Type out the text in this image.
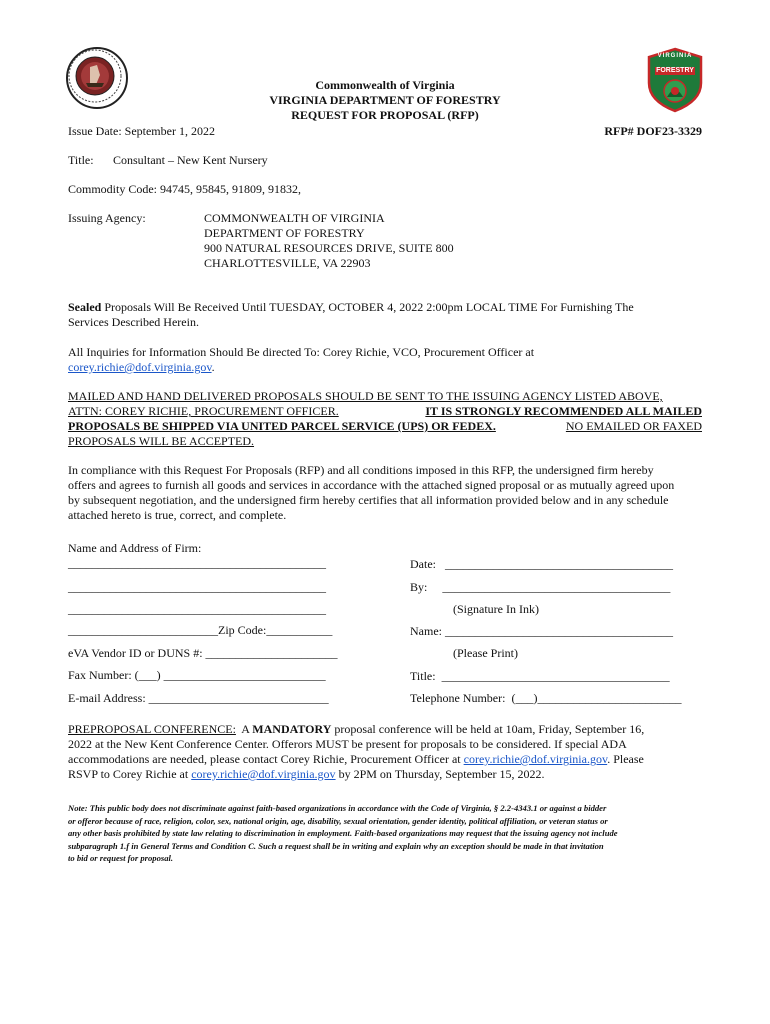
VIRGINIA
FORESTRY
Commonwealth of Virginia
VIRGINIA DEPARTMENT OF FORESTRY
REQUEST FOR PROPOSAL (RFP)
Issue Date: September 1, 2022	RFP# DOF23-3329
Title: Consultant – New Kent Nursery
Commodity Code: 94745, 95845, 91809, 91832,
Issuing Agency:	COMMONWEALTH OF VIRGINIA
DEPARTMENT OF FORESTRY
900 NATURAL RESOURCES DRIVE, SUITE 800
CHARLOTTESVILLE, VA 22903
Sealed Proposals Will Be Received Until TUESDAY, OCTOBER 4, 2022 2:00pm LOCAL TIME For Furnishing The
Services Described Herein.
All Inquiries for Information Should Be directed To: Corey Richie, VCO, Procurement Officer at
corey.richie@dof.virginia.gov.
MAILED AND HAND DELIVERED PROPOSALS SHOULD BE SENT TO THE ISSUING AGENCY LISTED ABOVE,
ATTN: COREY RICHIE, PROCUREMENT OFFICER.	IT IS STRONGLY RECOMMENDED ALL MAILED
PROPOSALS BE SHIPPED VIA UNITED PARCEL SERVICE (UPS) OR FEDEX.	NO EMAILED OR FAXED
PROPOSALS WILL BE ACCEPTED.
In compliance with this Request For Proposals (RFP) and all conditions imposed in this RFP, the undersigned firm hereby
offers and agrees to furnish all goods and services in accordance with the attached signed proposal or as mutually agreed upon
by subsequent negotiation, and the undersigned firm hereby certifies that all information provided below and in any schedule
attached hereto is true, correct, and complete.
Name and Address of Firm:
___________________________________________
___________________________________________
___________________________________________
_________________________Zip Code:___________
eVA Vendor ID or DUNS #: ______________________
Fax Number: (___) ___________________________
E-mail Address: ______________________________
Date:   ______________________________________
By:     ______________________________________
(Signature In Ink)
Name: ______________________________________
(Please Print)
Title:  ______________________________________
Telephone Number:  (___)________________________
PREPROPOSAL CONFERENCE:  A MANDATORY proposal conference will be held at 10am, Friday, September 16,
2022 at the New Kent Conference Center. Offerors MUST be present for proposals to be considered. If special ADA
accommodations are needed, please contact Corey Richie, Procurement Officer at corey.richie@dof.virginia.gov. Please
RSVP to Corey Richie at corey.richie@dof.virginia.gov by 2PM on Thursday, September 15, 2022.
Note: This public body does not discriminate against faith-based organizations in accordance with the Code of Virginia, § 2.2-4343.1 or against a bidder
or offeror because of race, religion, color, sex, national origin, age, disability, sexual orientation, gender identity, political affiliation, or veteran status or
any other basis prohibited by state law relating to discrimination in employment. Faith-based organizations may request that the issuing agency not include
subparagraph 1.f in General Terms and Condition C. Such a request shall be in writing and explain why an exception should be made in that invitation
to bid or request for proposal.
